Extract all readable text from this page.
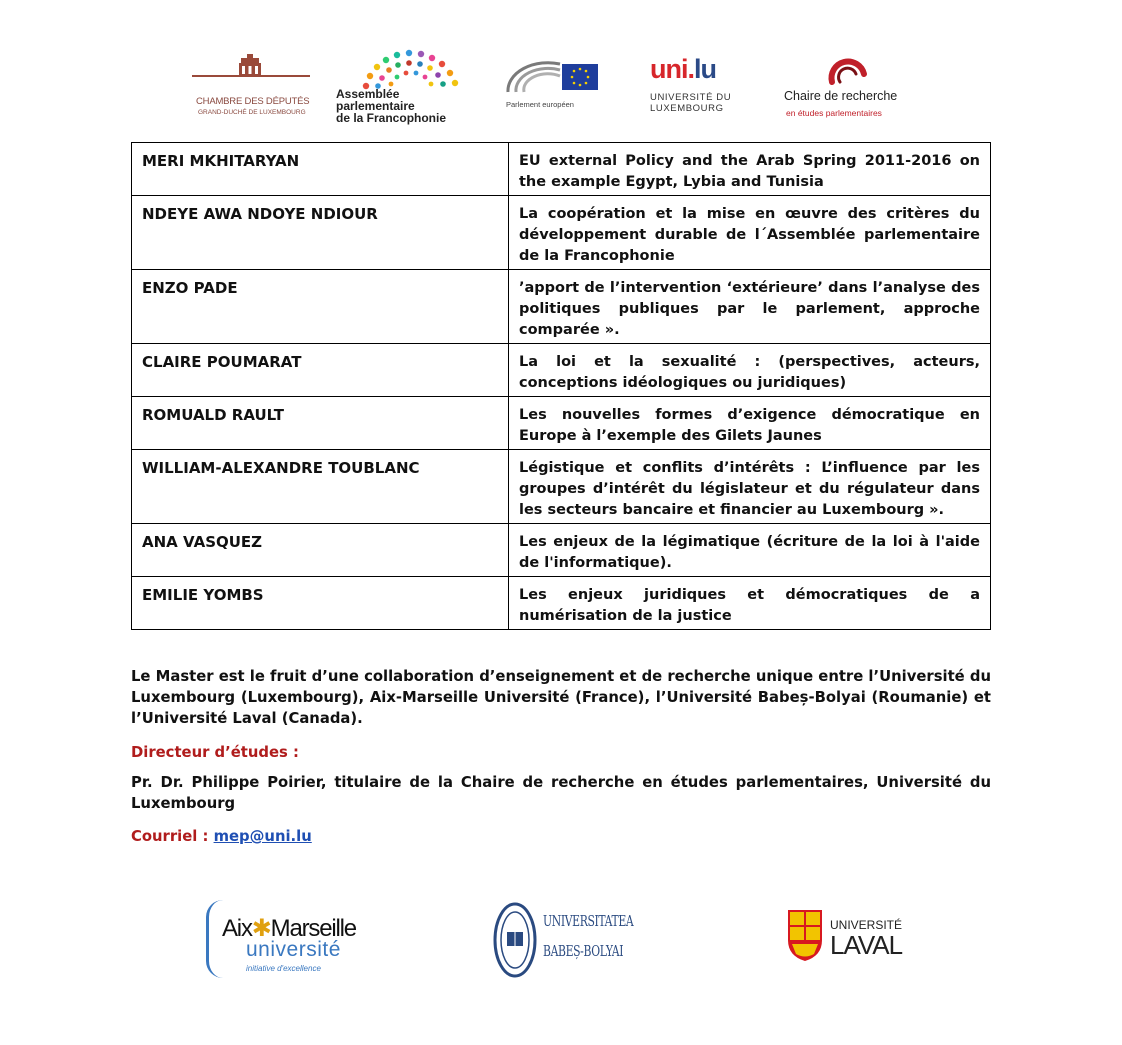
CHAMBRE DES DÉPUTÉS
GRAND-DUCHÉ DE LUXEMBOURG
Assemblée
parlementaire
de la Francophonie
Parlement européen
uni.lu
UNIVERSITÉ DU
LUXEMBOURG
Chaire de recherche
en études parlementaires
MERI MKHITARYAN	EU external Policy and the Arab Spring 2011-2016 on the example Egypt, Lybia and Tunisia
NDEYE AWA NDOYE NDIOUR	La coopération et la mise en œuvre des critères du développement durable de l´Assemblée parlementaire de la Francophonie
ENZO PADE	’apport de l’intervention ‘extérieure’ dans l’analyse des politiques publiques par le parlement, approche comparée ».
CLAIRE POUMARAT	La loi et la sexualité : (perspectives, acteurs, conceptions idéologiques ou juridiques)
ROMUALD RAULT	Les nouvelles formes d’exigence démocratique en Europe à l’exemple des Gilets Jaunes
WILLIAM-ALEXANDRE TOUBLANC	Légistique et conflits d’intérêts : L’influence par les groupes d’intérêt du législateur et du régulateur dans les secteurs bancaire et financier au Luxembourg ».
ANA VASQUEZ	Les enjeux de la légimatique (écriture de la loi à l'aide de l'informatique).
EMILIE YOMBS	Les enjeux juridiques et démocratiques de a numérisation de la justice

Le Master est le fruit d’une collaboration d’enseignement et de recherche unique entre l’Université du Luxembourg (Luxembourg), Aix-Marseille Université (France), l’Université Babeș-Bolyai (Roumanie) et l’Université Laval (Canada).

Directeur d’études :

Pr. Dr. Philippe Poirier, titulaire de la Chaire de recherche en études parlementaires, Université du Luxembourg

Courriel : mep@uni.lu

Aix✱Marseille
université
initiative d'excellence
UNIVERSITATEA
BABEȘ-BOLYAI
UNIVERSITÉ
LAVAL
